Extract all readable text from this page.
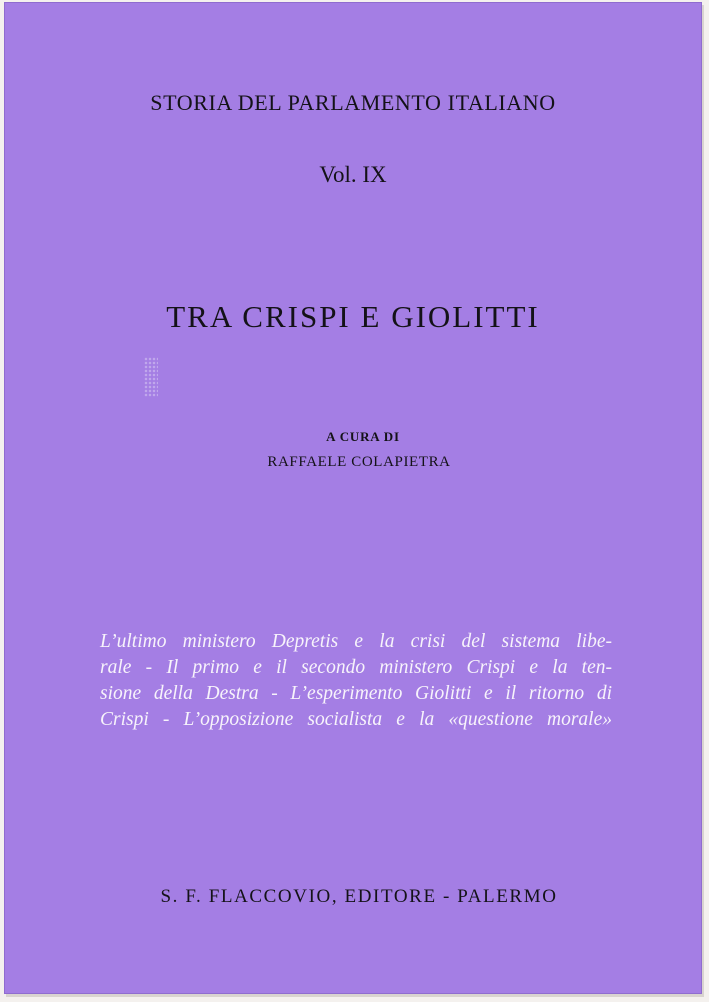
STORIA DEL PARLAMENTO ITALIANO
Vol. IX
TRA CRISPI E GIOLITTI
A CURA DI
RAFFAELE COLAPIETRA
L’ultimo ministero Depretis e la crisi del sistema libe-
rale - Il primo e il secondo ministero Crispi e la ten-
sione della Destra - L’esperimento Giolitti e il ritorno di
Crispi - L’opposizione socialista e la «questione morale»
S. F. FLACCOVIO, EDITORE - PALERMO
